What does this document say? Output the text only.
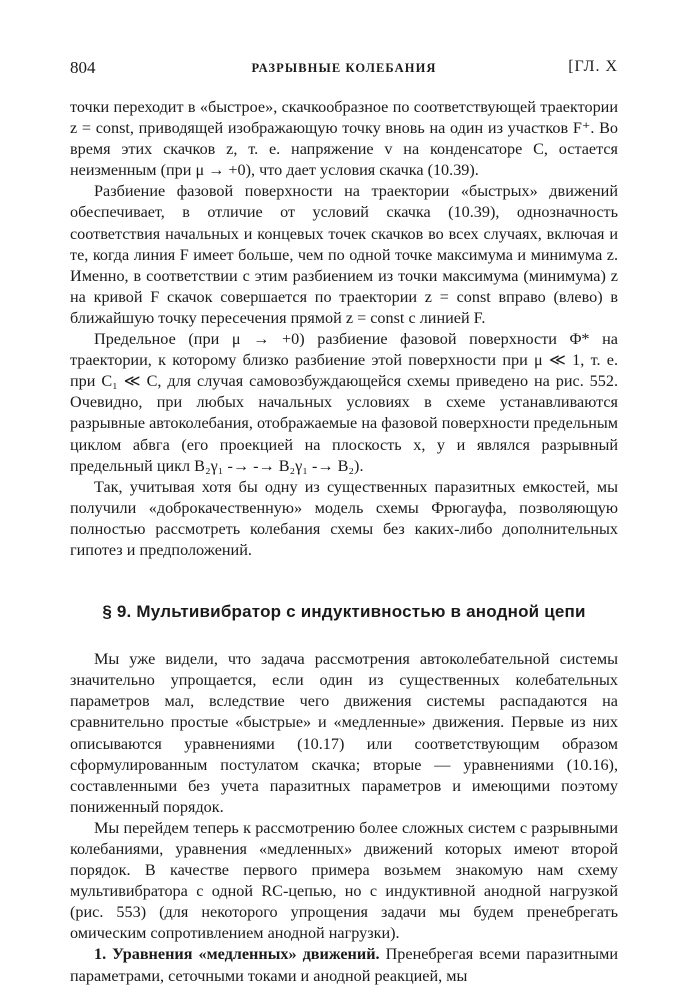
804	РАЗРЫВНЫЕ КОЛЕБАНИЯ	[ГЛ. X

точки переходит в «быстрое», скачкообразное по соответствующей траектории z = const, приводящей изображающую точку вновь на один из участков F⁺. Во время этих скачков z, т. е. напряжение v на конденсаторе C, остается неизменным (при μ → +0), что дает условия скачка (10.39).

Разбиение фазовой поверхности на траектории «быстрых» движений обеспечивает, в отличие от условий скачка (10.39), однозначность соответствия начальных и концевых точек скачков во всех случаях, включая и те, когда линия F имеет больше, чем по одной точке максимума и минимума z. Именно, в соответствии с этим разбиением из точки максимума (минимума) z на кривой F скачок совершается по траектории z = const вправо (влево) в ближайшую точку пересечения прямой z = const с линией F.

Предельное (при μ → +0) разбиение фазовой поверхности Φ* на траектории, к которому близко разбиение этой поверхности при μ ≪ 1, т. е. при C₁ ≪ C, для случая самовозбуждающейся схемы приведено на рис. 552. Очевидно, при любых начальных условиях в схеме устанавливаются разрывные автоколебания, отображаемые на фазовой поверхности предельным циклом абвга (его проекцией на плоскость x, y и являлся разрывный предельный цикл B₂γ₁ -→ -→ B₂γ₁ -→ B₂).

Так, учитывая хотя бы одну из существенных паразитных емкостей, мы получили «доброкачественную» модель схемы Фрюгауфа, позволяющую полностью рассмотреть колебания схемы без каких-либо дополнительных гипотез и предположений.

§ 9. Мультивибратор с индуктивностью в анодной цепи

Мы уже видели, что задача рассмотрения автоколебательной системы значительно упрощается, если один из существенных колебательных параметров мал, вследствие чего движения системы распадаются на сравнительно простые «быстрые» и «медленные» движения. Первые из них описываются уравнениями (10.17) или соответствующим образом сформулированным постулатом скачка; вторые — уравнениями (10.16), составленными без учета паразитных параметров и имеющими поэтому пониженный порядок.

Мы перейдем теперь к рассмотрению более сложных систем с разрывными колебаниями, уравнения «медленных» движений которых имеют второй порядок. В качестве первого примера возьмем знакомую нам схему мультивибратора с одной RC-цепью, но с индуктивной анодной нагрузкой (рис. 553) (для некоторого упрощения задачи мы будем пренебрегать омическим сопротивлением анодной нагрузки).

1. Уравнения «медленных» движений. Пренебрегая всеми паразитными параметрами, сеточными токами и анодной реакцией, мы
